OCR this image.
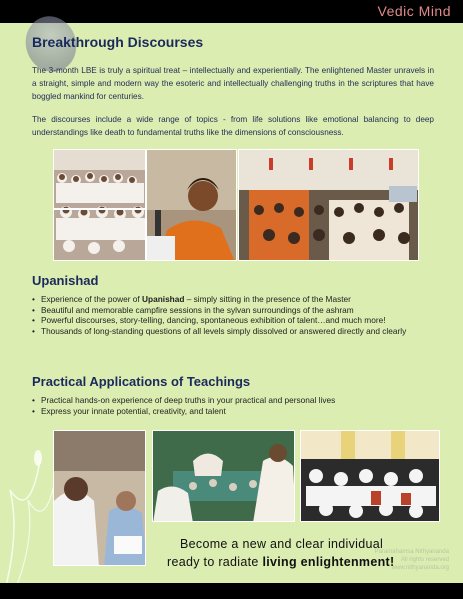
Vedic Mind
Breakthrough Discourses

The 3-month LBE is truly a spiritual treat – intellectually and experientially. The enlightened Master unravels in a straight, simple and modern way the esoteric and intellectually challenging truths in the scriptures that have boggled mankind for centuries.

The discourses include a wide range of topics - from life solutions like emotional balancing to deep understandings like death to fundamental truths like the dimensions of consciousness.

Upanishad
• Experience of the power of Upanishad – simply sitting in the presence of the Master
• Beautiful and memorable campfire sessions in the sylvan surroundings of the ashram
• Powerful discourses, story-telling, dancing, spontaneous exhibition of talent…and much more!
• Thousands of long-standing questions of all levels simply dissolved or answered directly and clearly
Practical Applications of Teachings
• Practical hands-on experience of deep truths in your practical and personal lives
• Express your innate potential, creativity, and talent
Become a new and clear individual
ready to radiate living enlightenment!
Paramahamsa Nithyananda
All rights reserved
www.nithyananda.org
